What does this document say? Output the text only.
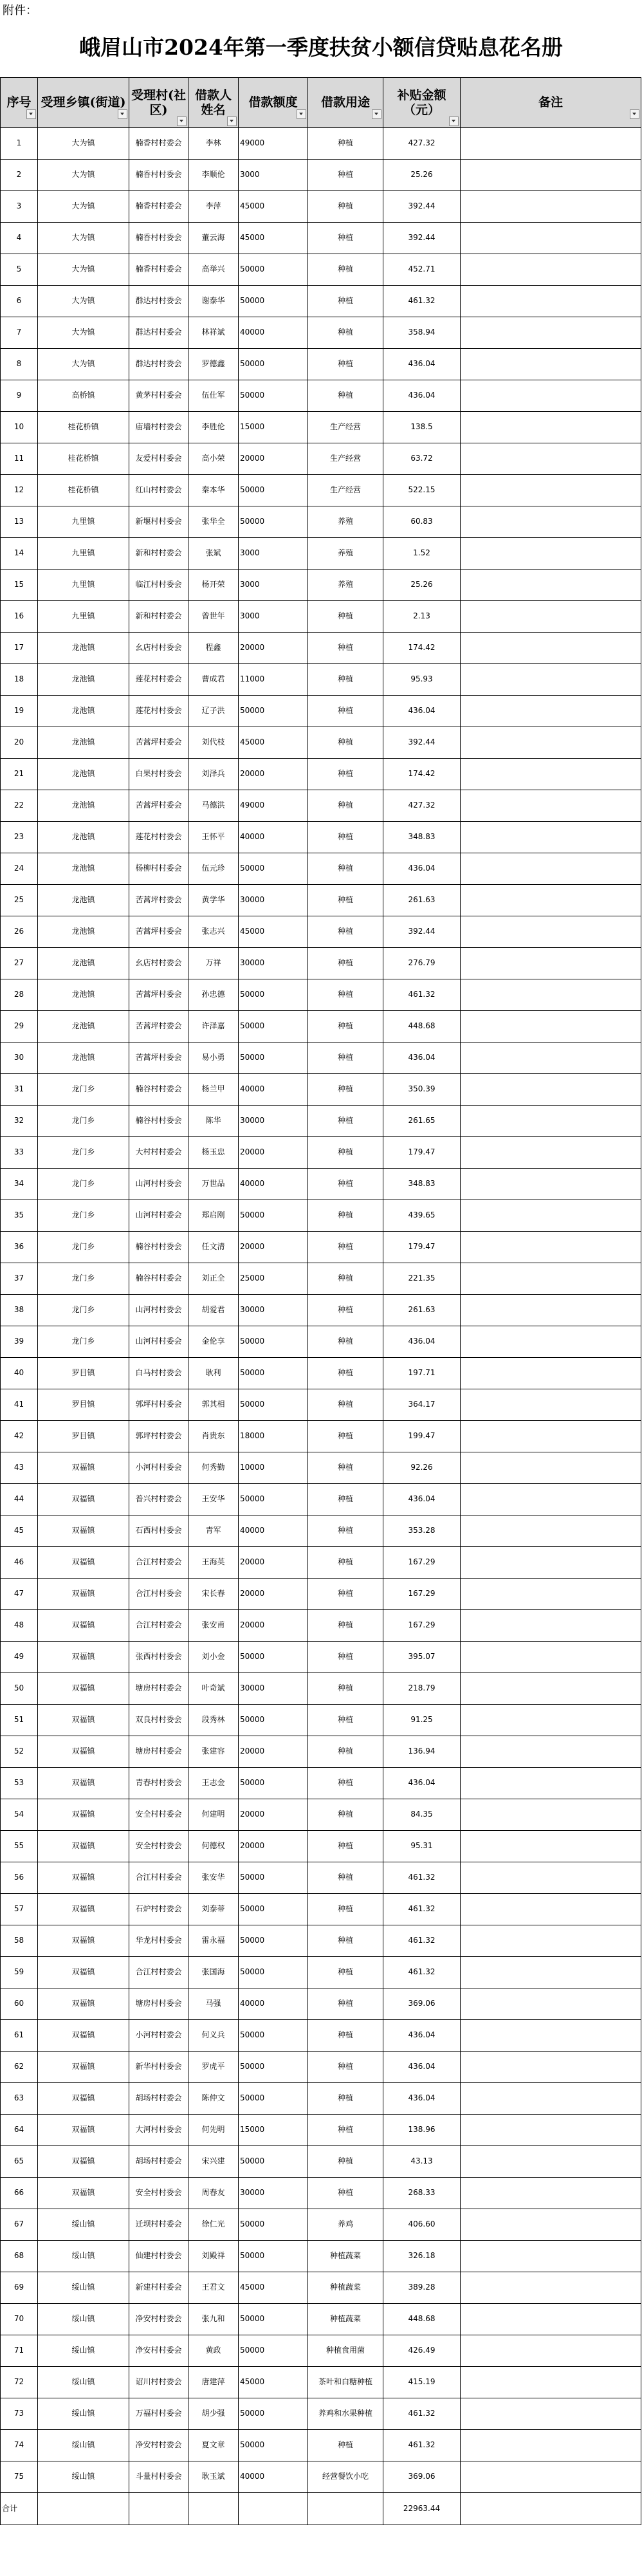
附件：
峨眉山市2024年第一季度扶贫小额信贷贴息花名册
序号	受理乡镇(街道)	受理村(社区)	借款人姓名	借款额度	借款用途	补贴金额（元）	备注

1	大为镇	楠香村村委会	李林	49000	种植	427.32	
2	大为镇	楠香村村委会	李顺伦	3000	种植	25.26	
3	大为镇	楠香村村委会	李萍	45000	种植	392.44	
4	大为镇	楠香村村委会	董云海	45000	种植	392.44	
5	大为镇	楠香村村委会	高举兴	50000	种植	452.71	
6	大为镇	群达村村委会	谢泰华	50000	种植	461.32	
7	大为镇	群达村村委会	林祥斌	40000	种植	358.94	
8	大为镇	群达村村委会	罗德鑫	50000	种植	436.04	
9	高桥镇	黄茅村村委会	伍仕军	50000	种植	436.04	
10	桂花桥镇	庙墙村村委会	李胜伦	15000	生产经营	138.5	
11	桂花桥镇	友爱村村委会	高小荣	20000	生产经营	63.72	
12	桂花桥镇	红山村村委会	秦本华	50000	生产经营	522.15	
13	九里镇	新堰村村委会	张华全	50000	养殖	60.83	
14	九里镇	新和村村委会	张斌	3000	养殖	1.52	
15	九里镇	临江村村委会	杨开荣	3000	养殖	25.26	
16	九里镇	新和村村委会	曾世年	3000	种植	2.13	
17	龙池镇	幺店村村委会	程鑫	20000	种植	174.42	
18	龙池镇	莲花村村委会	曹成君	11000	种植	95.93	
19	龙池镇	莲花村村委会	辽子洪	50000	种植	436.04	
20	龙池镇	苦蒿坪村委会	刘代枝	45000	种植	392.44	
21	龙池镇	白果村村委会	刘泽兵	20000	种植	174.42	
22	龙池镇	苦蒿坪村委会	马德洪	49000	种植	427.32	
23	龙池镇	莲花村村委会	王怀平	40000	种植	348.83	
24	龙池镇	杨柳村村委会	伍元珍	50000	种植	436.04	
25	龙池镇	苦蒿坪村委会	黄学华	30000	种植	261.63	
26	龙池镇	苦蒿坪村委会	张志兴	45000	种植	392.44	
27	龙池镇	幺店村村委会	万祥	30000	种植	276.79	
28	龙池镇	苦蒿坪村委会	孙忠德	50000	种植	461.32	
29	龙池镇	苦蒿坪村委会	许泽嘉	50000	种植	448.68	
30	龙池镇	苦蒿坪村委会	易小勇	50000	种植	436.04	
31	龙门乡	楠谷村村委会	杨兰甲	40000	种植	350.39	
32	龙门乡	楠谷村村委会	陈华	30000	种植	261.65	
33	龙门乡	大村村村委会	杨玉忠	20000	种植	179.47	
34	龙门乡	山河村村委会	万世品	40000	种植	348.83	
35	龙门乡	山河村村委会	郑启刚	50000	种植	439.65	
36	龙门乡	楠谷村村委会	任文清	20000	种植	179.47	
37	龙门乡	楠谷村村委会	刘正全	25000	种植	221.35	
38	龙门乡	山河村村委会	胡爱君	30000	种植	261.63	
39	龙门乡	山河村村委会	金伦享	50000	种植	436.04	
40	罗目镇	白马村村委会	耿利	50000	种植	197.71	
41	罗目镇	郭坪村村委会	郭其相	50000	种植	364.17	
42	罗目镇	郭坪村村委会	肖贵东	18000	种植	199.47	
43	双福镇	小河村村委会	何秀勤	10000	种植	92.26	
44	双福镇	普兴村村委会	王安华	50000	种植	436.04	
45	双福镇	石西村村委会	青军	40000	种植	353.28	
46	双福镇	合江村村委会	王海英	20000	种植	167.29	
47	双福镇	合江村村委会	宋长春	20000	种植	167.29	
48	双福镇	合江村村委会	张安甫	20000	种植	167.29	
49	双福镇	张西村村委会	刘小金	50000	种植	395.07	
50	双福镇	塘房村村委会	叶奇斌	30000	种植	218.79	
51	双福镇	双良村村委会	段秀林	50000	种植	91.25	
52	双福镇	塘房村村委会	张建容	20000	种植	136.94	
53	双福镇	青春村村委会	王志金	50000	种植	436.04	
54	双福镇	安全村村委会	何建明	20000	种植	84.35	
55	双福镇	安全村村委会	何德权	20000	种植	95.31	
56	双福镇	合江村村委会	张安华	50000	种植	461.32	
57	双福镇	石炉村村委会	刘泰蒂	50000	种植	461.32	
58	双福镇	华龙村村委会	雷永福	50000	种植	461.32	
59	双福镇	合江村村委会	张国海	50000	种植	461.32	
60	双福镇	塘房村村委会	马强	40000	种植	369.06	
61	双福镇	小河村村委会	何义兵	50000	种植	436.04	
62	双福镇	新华村村委会	罗虎平	50000	种植	436.04	
63	双福镇	胡场村村委会	陈仲文	50000	种植	436.04	
64	双福镇	大河村村委会	何先明	15000	种植	138.96	
65	双福镇	胡场村村委会	宋兴建	50000	种植	43.13	
66	双福镇	安全村村委会	周春友	30000	种植	268.33	
67	绥山镇	迁坝村村委会	徐仁光	50000	养鸡	406.60	
68	绥山镇	仙建村村委会	刘殿祥	50000	种植蔬菜	326.18	
69	绥山镇	新建村村委会	王君文	45000	种植蔬菜	389.28	
70	绥山镇	净安村村委会	张九和	50000	种植蔬菜	448.68	
71	绥山镇	净安村村委会	黄政	50000	种植食用菌	426.49	
72	绥山镇	诏川村村委会	唐建萍	45000	茶叶和白糖种植	415.19	
73	绥山镇	万福村村委会	胡少强	50000	养鸡和水果种植	461.32	
74	绥山镇	净安村村委会	夏文章	50000	种植	461.32	
75	绥山镇	斗量村村委会	耿玉斌	40000	经营餐饮小吃	369.06	
合计						22963.44	
